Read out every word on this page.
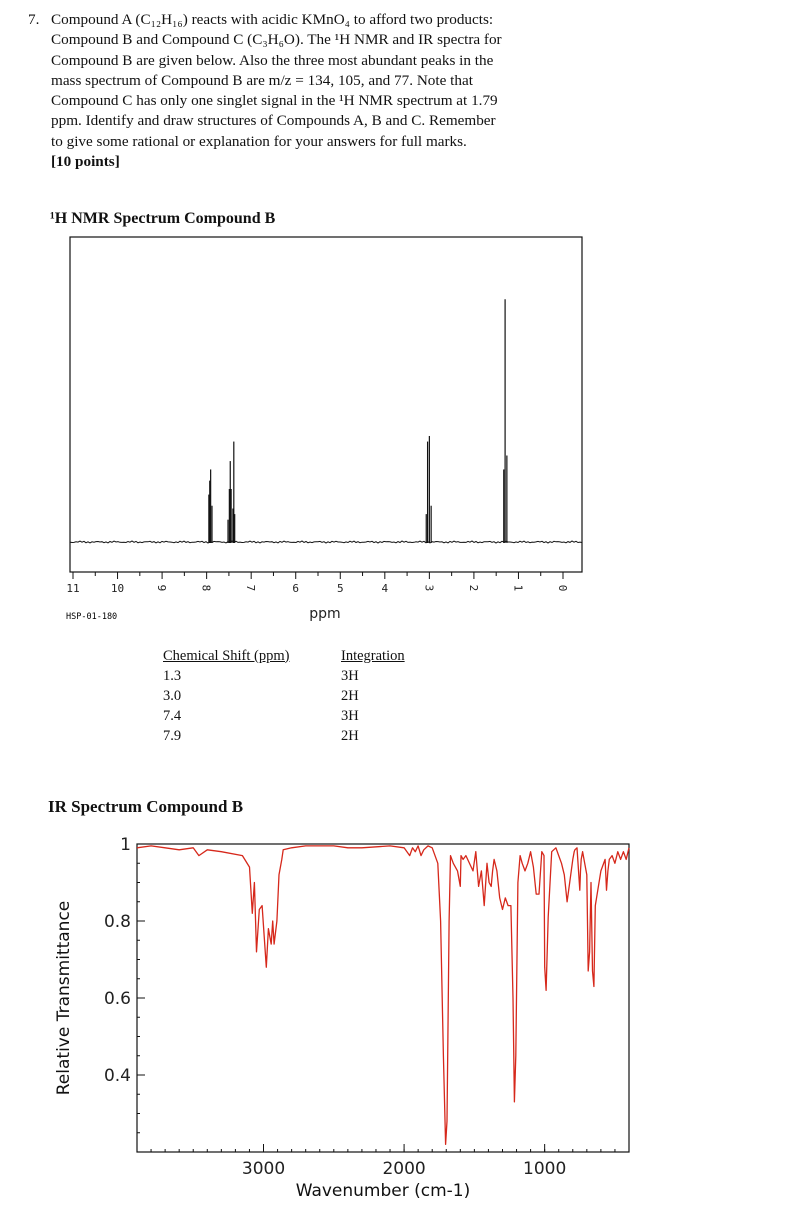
7. Compound A (C₁₂H₁₆) reacts with acidic KMnO₄ to afford two products:
Compound B and Compound C (C₃H₆O). The ¹H NMR and IR spectra for
Compound B are given below. Also the three most abundant peaks in the
mass spectrum of Compound B are m/z = 134, 105, and 77. Note that
Compound C has only one singlet signal in the ¹H NMR spectrum at 1.79
ppm. Identify and draw structures of Compounds A, B and C. Remember
to give some rational or explanation for your answers for full marks.
[10 points]
¹H NMR Spectrum Compound B
11	10	9	8	7	6	5	4	3	2	1	0
HSP-01-180	ppm
Chemical Shift (ppm)	Integration
1.3	3H
3.0	2H
7.4	3H
7.9	2H
IR Spectrum Compound B
0.4
0.6
0.8
1
3000	2000	1000
Wavenumber (cm-1)
Relative Transmittance
